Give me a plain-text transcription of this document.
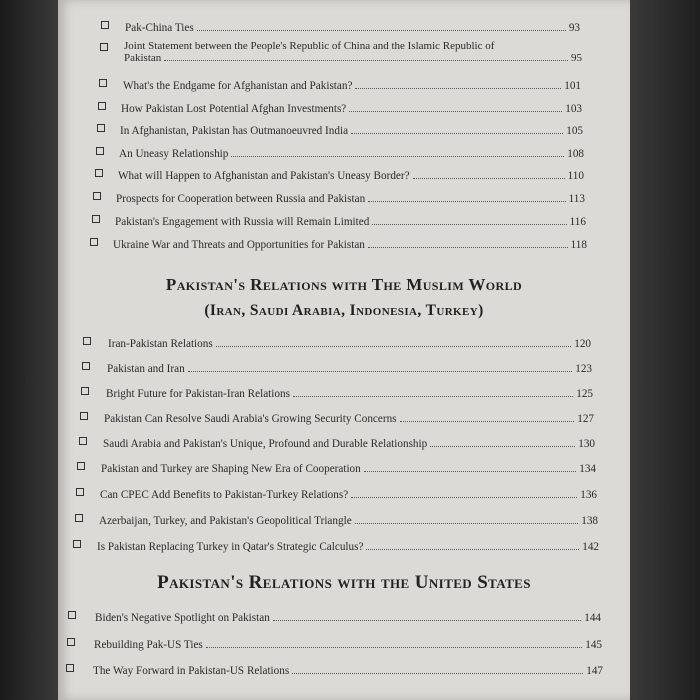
Pak-China Ties	93
Joint Statement between the People's Republic of China and the Islamic Republic of
Pakistan	95
What's the Endgame for Afghanistan and Pakistan?	101
How Pakistan Lost Potential Afghan Investments?	103
In Afghanistan, Pakistan has Outmanoeuvred India	105
An Uneasy Relationship	108
What will Happen to Afghanistan and Pakistan's Uneasy Border?	110
Prospects for Cooperation between Russia and Pakistan	113
Pakistan's Engagement with Russia will Remain Limited	116
Ukraine War and Threats and Opportunities for Pakistan	118
Pakistan's Relations with The Muslim World
(Iran, Saudi Arabia, Indonesia, Turkey)
Iran-Pakistan Relations	120
Pakistan and Iran	123
Bright Future for Pakistan-Iran Relations	125
Pakistan Can Resolve Saudi Arabia's Growing Security Concerns	127
Saudi Arabia and Pakistan's Unique, Profound and Durable Relationship	130
Pakistan and Turkey are Shaping New Era of Cooperation	134
Can CPEC Add Benefits to Pakistan-Turkey Relations?	136
Azerbaijan, Turkey, and Pakistan's Geopolitical Triangle	138
Is Pakistan Replacing Turkey in Qatar's Strategic Calculus?	142
Pakistan's Relations with the United States
Biden's Negative Spotlight on Pakistan	144
Rebuilding Pak-US Ties	145
The Way Forward in Pakistan-US Relations	147
